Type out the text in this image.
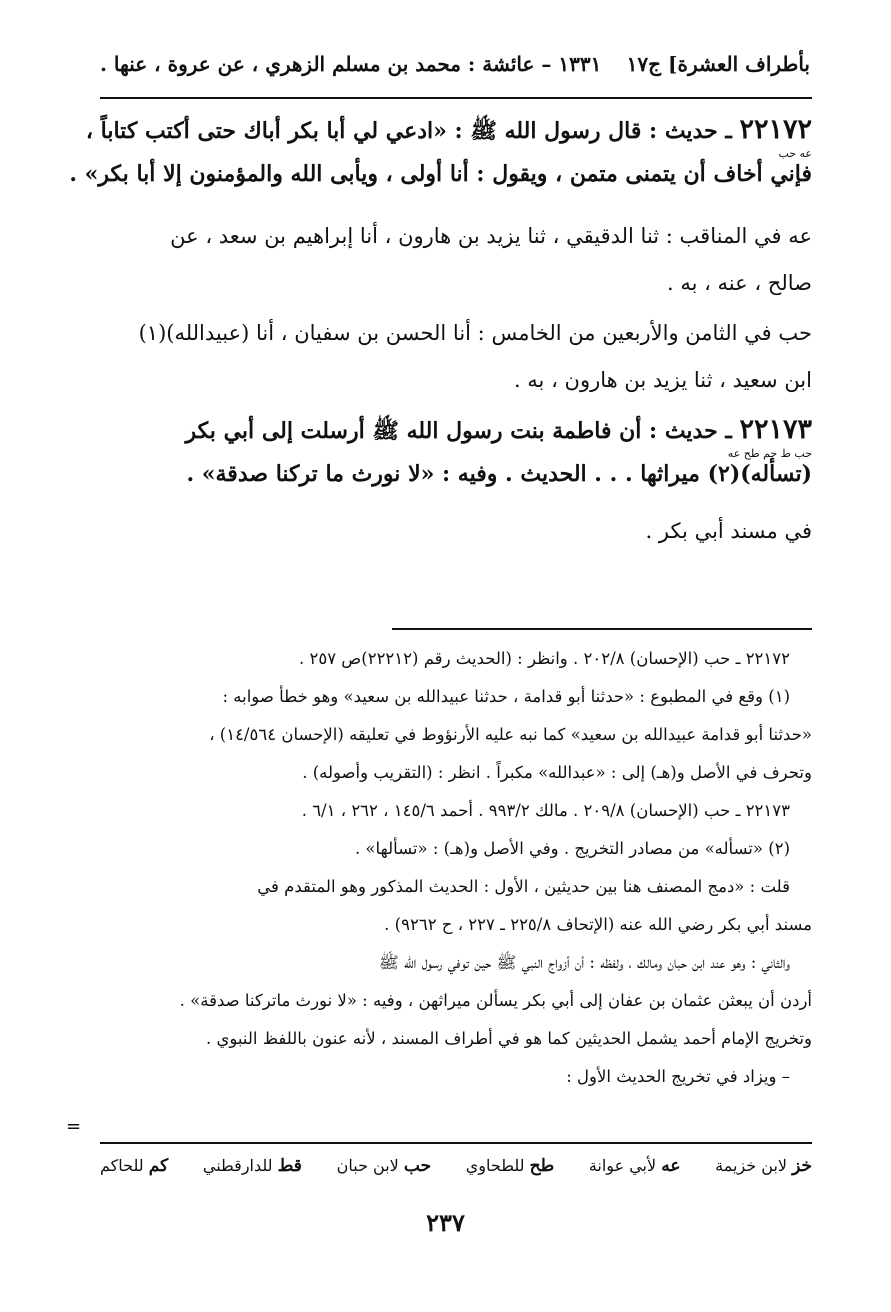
بأطراف العشرة] ج١٧
١٣٣١ – عائشة : محمد بن مسلم الزهري ، عن عروة ، عنها .
٢٢١٧٢ ـ حديث : قال رسول الله ﷺ : «ادعي لي أبا بكر أباك حتى أكتب كتاباً ،
عه حب
فإني أخاف أن يتمنى متمن ، ويقول : أنا أولى ، ويأبى الله والمؤمنون إلا أبا بكر» .
عه في المناقب : ثنا الدقيقي ، ثنا يزيد بن هارون ، أنا إبراهيم بن سعد ، عن
صالح ، عنه ، به .
حب في الثامن والأربعين من الخامس : أنا الحسن بن سفيان ، أنا (عبيدالله)(١)
ابن سعيد ، ثنا يزيد بن هارون ، به .
٢٢١٧٣ ـ حديث : أن فاطمة بنت رسول الله ﷺ أرسلت إلى أبي بكر
حب ط حم طح عه
(تسأله)(٢) ميراثها . . . الحديث . وفيه : «لا نورث ما تركنا صدقة» .
في مسند أبي بكر .
٢٢١٧٢ ـ حب (الإحسان) ٢٠٢/٨ . وانظر : (الحديث رقم (٢٢٢١٢)ص ٢٥٧ .
(١) وقع في المطبوع : «حدثنا أبو قدامة ، حدثنا عبيدالله بن سعيد» وهو خطأ صوابه :
«حدثنا أبو قدامة عبيدالله بن سعيد» كما نبه عليه الأرنؤوط في تعليقه (الإحسان ١٤/٥٦٤) ،
وتحرف في الأصل و(هـ) إلى : «عبدالله» مكبراً . انظر : (التقريب وأصوله) .
٢٢١٧٣ ـ حب (الإحسان) ٢٠٩/٨ . مالك ٩٩٣/٢ . أحمد ١٤٥/٦ ، ٢٦٢ ، ٦/١ .
(٢) «تسأله» من مصادر التخريج . وفي الأصل و(هـ) : «تسألها» .
قلت : «دمج المصنف هنا بين حديثين ، الأول : الحديث المذكور وهو المتقدم في
مسند أبي بكر رضي الله عنه (الإتحاف ٢٢٥/٨ ـ ٢٢٧ ، ح ٩٢٦٢) .
والثاني : وهو عند ابن حبان ومالك ، ولفظه : أن أزواج النبي ﷺ حين توفي رسول الله ﷺ
أردن أن يبعثن عثمان بن عفان إلى أبي بكر يسألن ميراثهن ، وفيه : «لا نورث ماتركنا صدقة» .
وتخريج الإمام أحمد يشمل الحديثين كما هو في أطراف المسند ، لأنه عنون باللفظ النبوي .
– ويزاد في تخريج الحديث الأول :
=
خز لابن خزيمة
عه لأبي عوانة
طح للطحاوي
حب لابن حبان
قط للدارقطني
كم للحاكم
٢٣٧
